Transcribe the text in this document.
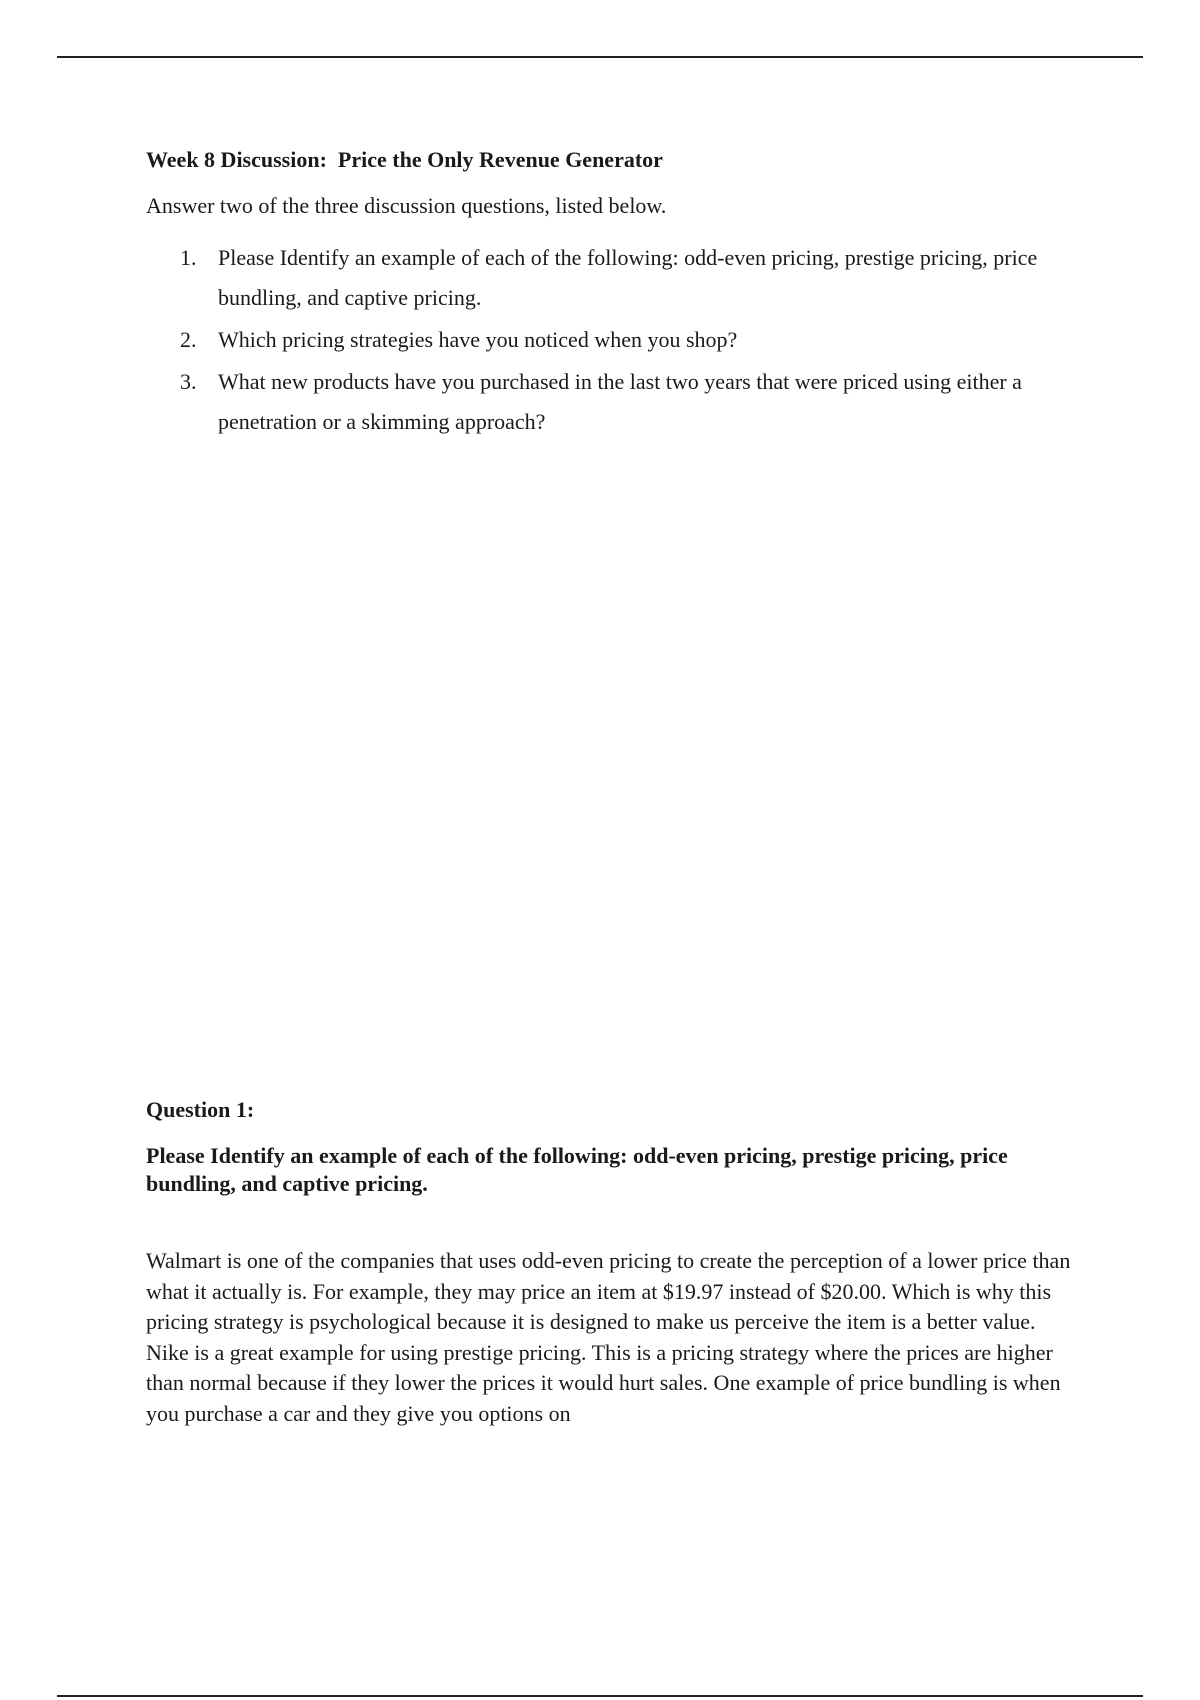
Week 8 Discussion:  Price the Only Revenue Generator
Answer two of the three discussion questions, listed below.
1. Please Identify an example of each of the following: odd-even pricing, prestige pricing, price bundling, and captive pricing.
2. Which pricing strategies have you noticed when you shop?
3. What new products have you purchased in the last two years that were priced using either a penetration or a skimming approach?
Question 1:
Please Identify an example of each of the following: odd-even pricing, prestige pricing, price bundling, and captive pricing.
Walmart is one of the companies that uses odd-even pricing to create the perception of a lower price than what it actually is. For example, they may price an item at $19.97 instead of $20.00. Which is why this pricing strategy is psychological because it is designed to make us perceive the item is a better value. Nike is a great example for using prestige pricing. This is a pricing strategy where the prices are higher than normal because if they lower the prices it would hurt sales. One example of price bundling is when you purchase a car and they give you options on
